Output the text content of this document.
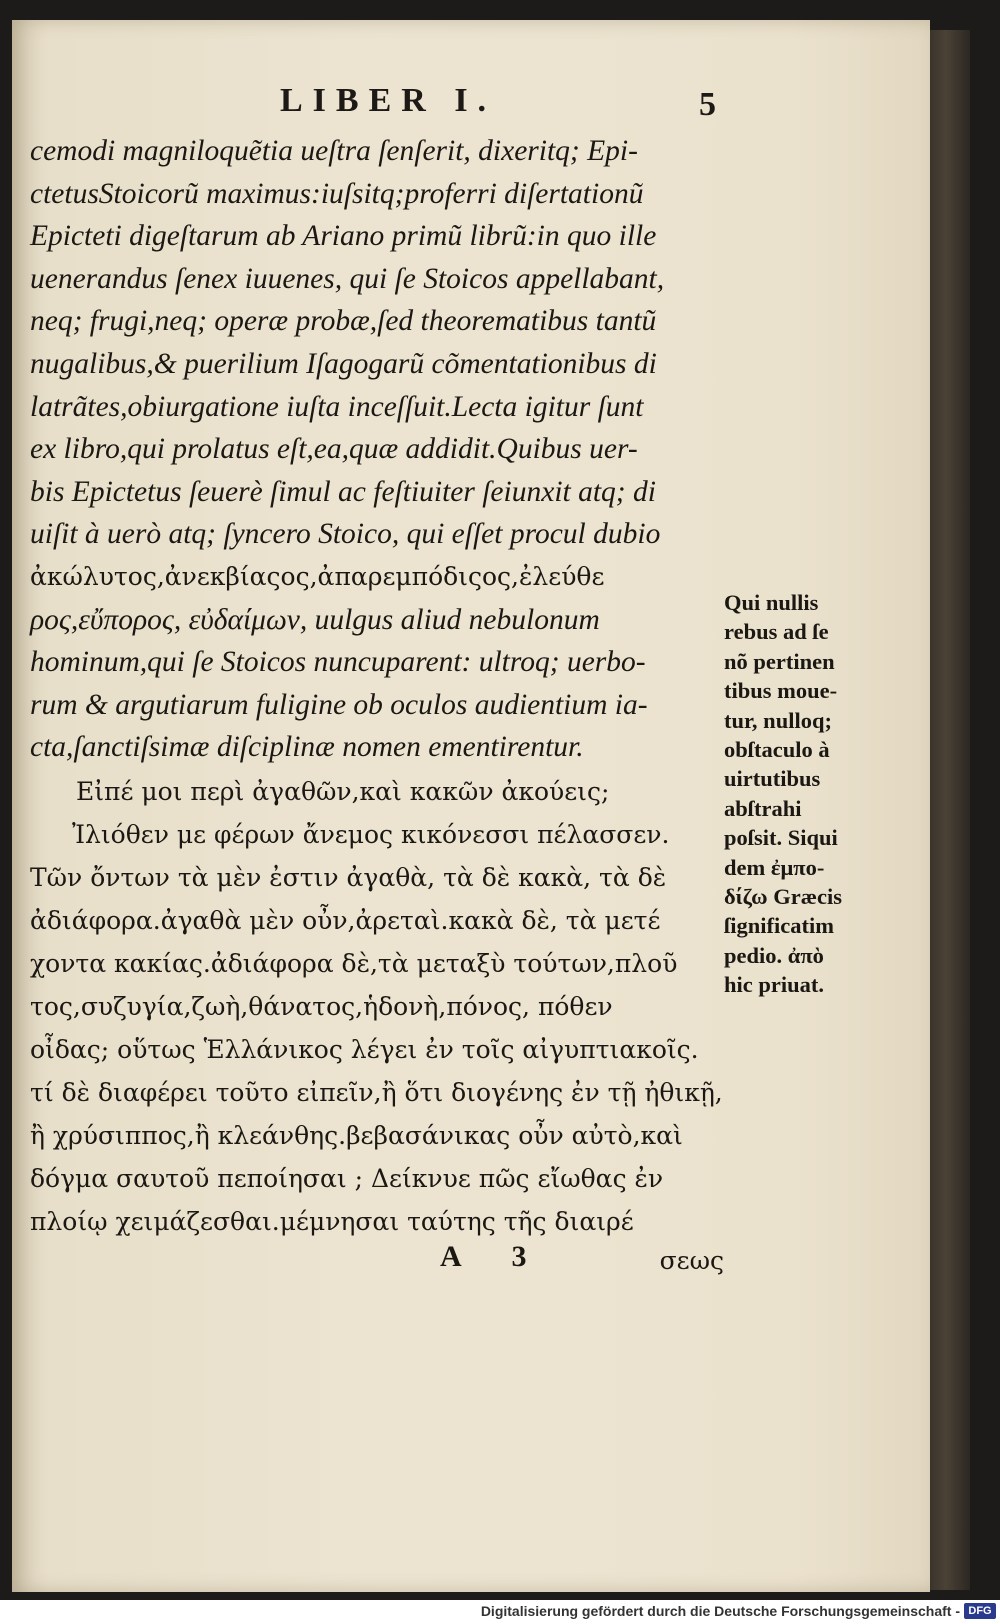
LIBER I.	5
cemodi magniloquẽtia ueſtra ſenſerit, dixeritq; Epi-
ctetusStoicorũ maximus:iuſsitq;proferri diſertationũ
Epicteti digeſtarum ab Ariano primũ librũ:in quo ille
uenerandus ſenex iuuenes, qui ſe Stoicos appellabant,
neq; frugi,neq; operæ probæ,ſed theorematibus tantũ
nugalibus,& puerilium Iſagogarũ cõmentationibus di
latrãtes,obiurgatione iuſta inceſſuit.Lecta igitur ſunt
ex libro,qui prolatus eſt,ea,quæ addidit.Quibus uer-
bis Epictetus ſeuerè ſimul ac feſtiuiter ſeiunxit atq; di
uiſit à uerò atq; ſyncero Stoico, qui eſſet procul dubio
ἀκώλυτος,ἀνεκβίαςος,ἀπαρεμπόδιςος,ἐλεύθε
ρος,εὔπορος, εὐδαίμων, uulgus aliud nebulonum
hominum,qui ſe Stoicos nuncuparent: ultroq; uerbo-
rum & argutiarum fuligine ob oculos audientium ia-
cta,ſanctiſsimæ diſciplinæ nomen ementirentur.
Εἰπέ μοι περὶ ἀγαθῶν,καὶ κακῶν ἀκούεις;
Ἰλιόθεν με φέρων ἄνεμος κικόνεσσι πέλασσεν.
Τῶν ὄντων τὰ μὲν ἐστιν ἀγαθὰ, τὰ δὲ κακὰ, τὰ δὲ
ἀδιάφορα.ἀγαθὰ μὲν οὖν,ἀρεταὶ.κακὰ δὲ, τὰ μετέ
χοντα κακίας.ἀδιάφορα δὲ,τὰ μεταξὺ τούτων,πλοῦ
τος,συζυγία,ζωὴ,θάνατος,ἡδονὴ,πόνος, πόθεν
οἶδας; οὕτως Ἑλλάνικος λέγει ἐν τοῖς αἰγυπτιακοῖς.
τί δὲ διαφέρει τοῦτο εἰπεῖν,ἢ ὅτι διογένης ἐν τῇ ἠθικῇ,
ἢ χρύσιππος,ἢ κλεάνθης.βεβασάνικας οὖν αὐτὸ,καὶ
δόγμα σαυτοῦ πεποίησαι ; Δείκνυε πῶς εἴωθας ἐν
πλοίῳ χειμάζεσθαι.μέμνησαι ταύτης τῆς διαιρέ
Qui nullis
rebus ad ſe
nõ pertinen
tibus moue-
tur, nulloq;
obſtaculo à
uirtutibus
abſtrahi
poſsit. Siqui
dem ἐμπο-
δίζω Græcis
ſignificatim
pedio. ἀπὸ
hic priuat.
A 3	σεως
Digitalisierung gefördert durch die Deutsche Forschungsgemeinschaft - DFG
